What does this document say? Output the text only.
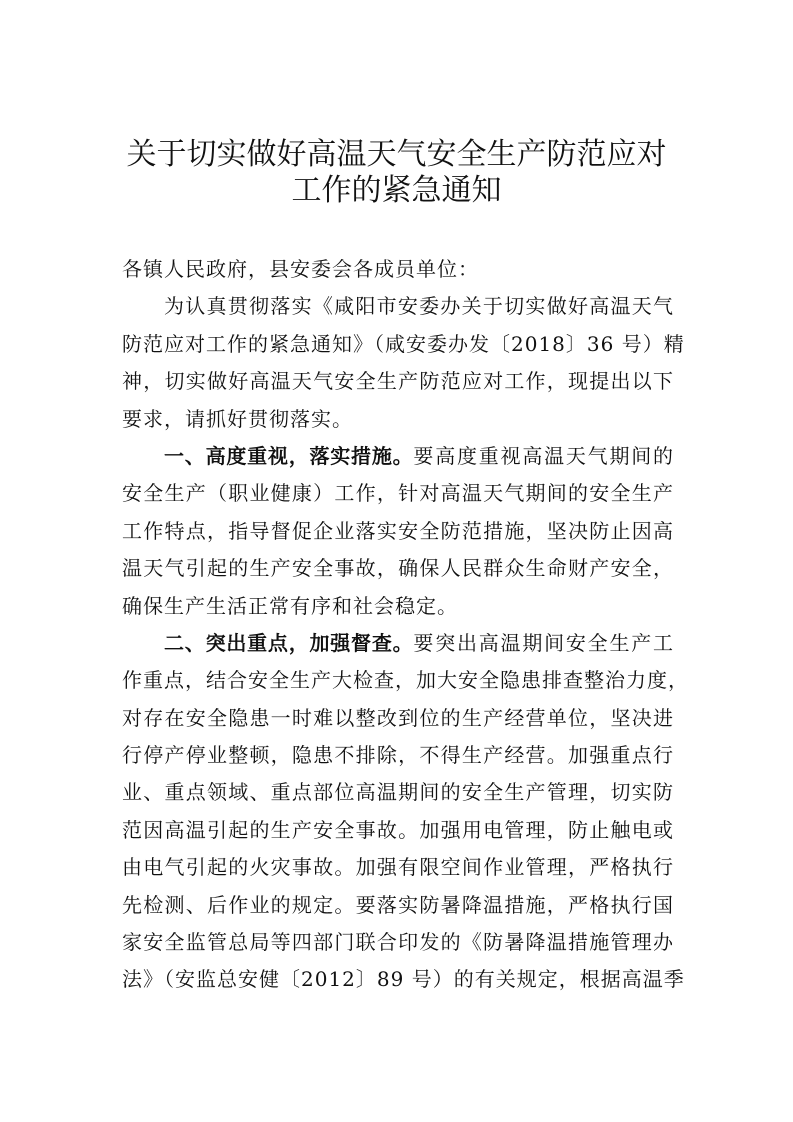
关于切实做好高温天气安全生产防范应对
工作的紧急通知
各镇人民政府，县安委会各成员单位：
为认真贯彻落实《咸阳市安委办关于切实做好高温天气
防范应对工作的紧急通知》（咸安委办发〔2018〕36 号）精
神，切实做好高温天气安全生产防范应对工作，现提出以下
要求，请抓好贯彻落实。
一、高度重视，落实措施。要高度重视高温天气期间的
安全生产（职业健康）工作，针对高温天气期间的安全生产
工作特点，指导督促企业落实安全防范措施，坚决防止因高
温天气引起的生产安全事故，确保人民群众生命财产安全，
确保生产生活正常有序和社会稳定。
二、突出重点，加强督查。要突出高温期间安全生产工
作重点，结合安全生产大检查，加大安全隐患排查整治力度，
对存在安全隐患一时难以整改到位的生产经营单位，坚决进
行停产停业整顿，隐患不排除，不得生产经营。加强重点行
业、重点领域、重点部位高温期间的安全生产管理，切实防
范因高温引起的生产安全事故。加强用电管理，防止触电或
由电气引起的火灾事故。加强有限空间作业管理，严格执行
先检测、后作业的规定。要落实防暑降温措施，严格执行国
家安全监管总局等四部门联合印发的《防暑降温措施管理办
法》（安监总安健〔2012〕89 号）的有关规定，根据高温季
